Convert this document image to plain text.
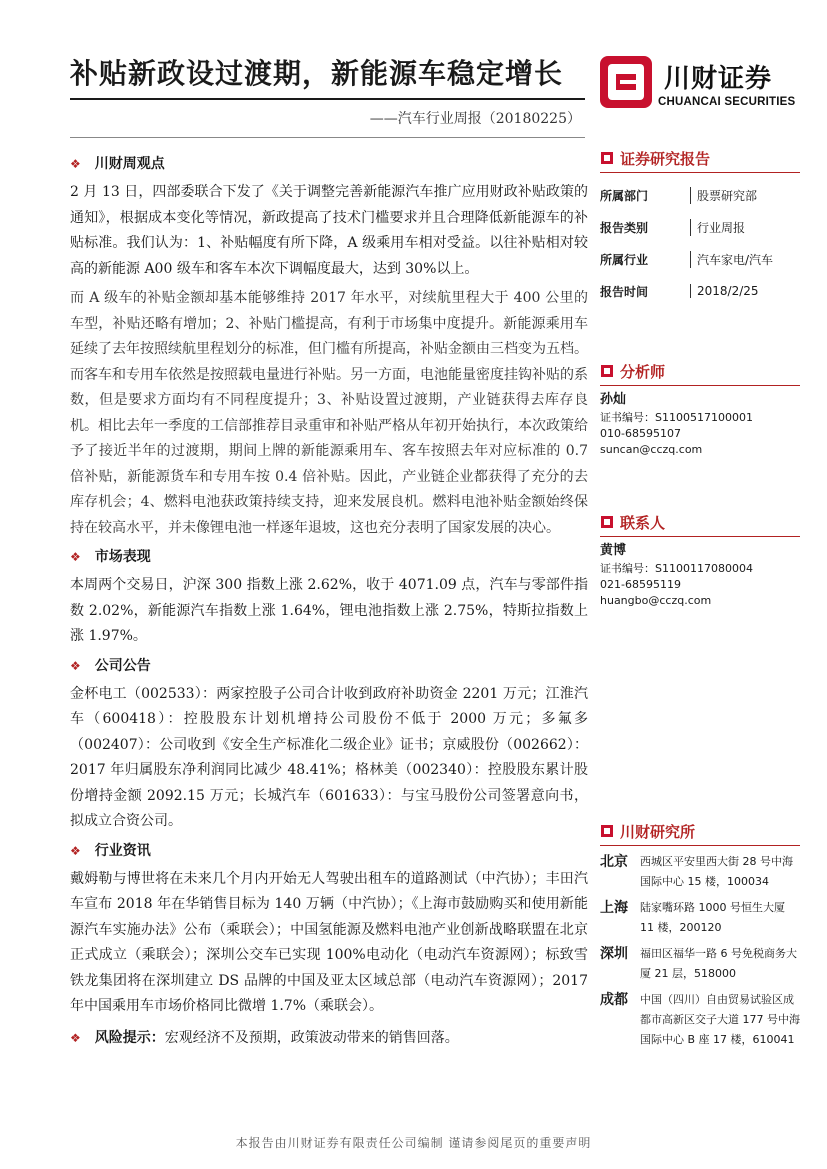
补贴新政设过渡期，新能源车稳定增长
——汽车行业周报（20180225）
川财证券
CHUANCAI SECURITIES
❖ 川财周观点

2 月 13 日，四部委联合下发了《关于调整完善新能源汽车推广应用财政补贴政策的通知》，根据成本变化等情况，新政提高了技术门槛要求并且合理降低新能源车的补贴标准。我们认为：1、补贴幅度有所下降，A 级乘用车相对受益。以往补贴相对较高的新能源 A00 级车和客车本次下调幅度最大，达到 30%以上。

而 A 级车的补贴金额却基本能够维持 2017 年水平，对续航里程大于 400 公里的车型，补贴还略有增加；2、补贴门槛提高，有利于市场集中度提升。新能源乘用车延续了去年按照续航里程划分的标准，但门槛有所提高，补贴金额由三档变为五档。而客车和专用车依然是按照载电量进行补贴。另一方面，电池能量密度挂钩补贴的系数，但是要求方面均有不同程度提升；3、补贴设置过渡期，产业链获得去库存良机。相比去年一季度的工信部推荐目录重审和补贴严格从年初开始执行，本次政策给予了接近半年的过渡期，期间上牌的新能源乘用车、客车按照去年对应标准的 0.7 倍补贴，新能源货车和专用车按 0.4 倍补贴。因此，产业链企业都获得了充分的去库存机会；4、燃料电池获政策持续支持，迎来发展良机。燃料电池补贴金额始终保持在较高水平，并未像锂电池一样逐年退坡，这也充分表明了国家发展的决心。

❖ 市场表现

本周两个交易日，沪深 300 指数上涨 2.62%，收于 4071.09 点，汽车与零部件指数 2.02%，新能源汽车指数上涨 1.64%，锂电池指数上涨 2.75%，特斯拉指数上涨 1.97%。

❖ 公司公告

金杯电工（002533）：两家控股子公司合计收到政府补助资金 2201 万元；江淮汽车（600418）：控股股东计划机增持公司股份不低于 2000 万元；多氟多（002407）：公司收到《安全生产标准化二级企业》证书；京威股份（002662）：2017 年归属股东净利润同比减少 48.41%；格林美（002340）：控股股东累计股份增持金额 2092.15 万元；长城汽车（601633）：与宝马股份公司签署意向书，拟成立合资公司。

❖ 行业资讯

戴姆勒与博世将在未来几个月内开始无人驾驶出租车的道路测试（中汽协）；丰田汽车宣布 2018 年在华销售目标为 140 万辆（中汽协）；《上海市鼓励购买和使用新能源汽车实施办法》公布（乘联会）；中国氢能源及燃料电池产业创新战略联盟在北京正式成立（乘联会）；深圳公交车已实现 100%电动化（电动汽车资源网）；标致雪铁龙集团将在深圳建立 DS 品牌的中国及亚太区域总部（电动汽车资源网）；2017 年中国乘用车市场价格同比微增 1.7%（乘联会）。

❖ 风险提示： 宏观经济不及预期，政策波动带来的销售回落。
证券研究报告
所属部门	股票研究部
报告类别	行业周报
所属行业	汽车家电/汽车
报告时间	2018/2/25
分析师
孙灿
证书编号：S1100517100001
010-68595107
suncan@cczq.com
联系人
黄博
证书编号：S1100117080004
021-68595119
huangbo@cczq.com
川财研究所
北京	西城区平安里西大街 28 号中海国际中心 15 楼，100034
上海	陆家嘴环路 1000 号恒生大厦 11 楼，200120
深圳	福田区福华一路 6 号免税商务大厦 21 层，518000
成都	中国（四川）自由贸易试验区成都市高新区交子大道 177 号中海国际中心 B 座 17 楼，610041
本报告由川财证券有限责任公司编制 谨请参阅尾页的重要声明
